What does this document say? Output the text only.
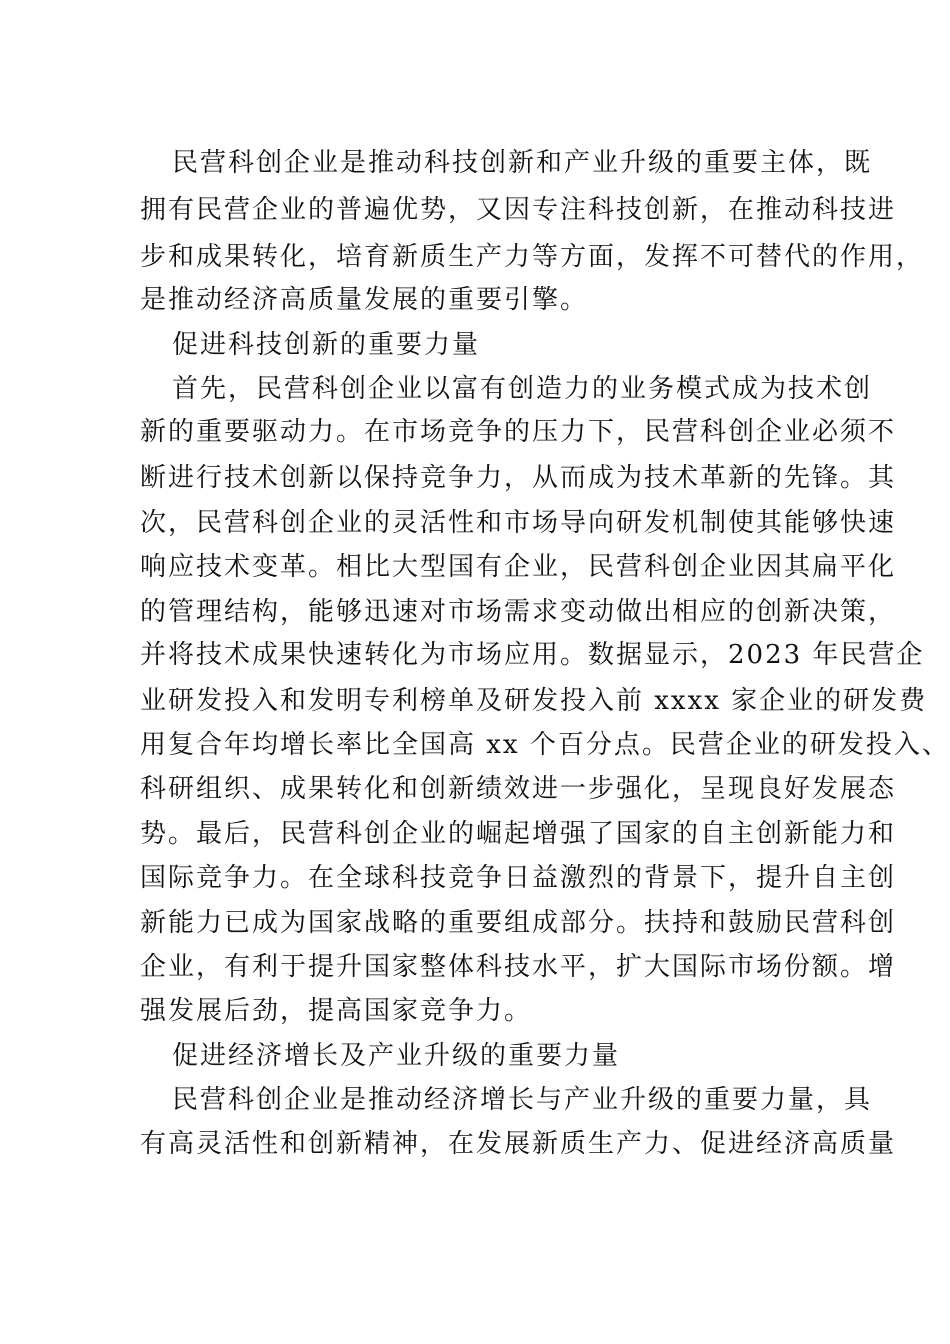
民营科创企业是推动科技创新和产业升级的重要主体，既
拥有民营企业的普遍优势，又因专注科技创新，在推动科技进
步和成果转化，培育新质生产力等方面，发挥不可替代的作用，
是推动经济高质量发展的重要引擎。
促进科技创新的重要力量
首先，民营科创企业以富有创造力的业务模式成为技术创
新的重要驱动力。在市场竞争的压力下，民营科创企业必须不
断进行技术创新以保持竞争力，从而成为技术革新的先锋。其
次，民营科创企业的灵活性和市场导向研发机制使其能够快速
响应技术变革。相比大型国有企业，民营科创企业因其扁平化
的管理结构，能够迅速对市场需求变动做出相应的创新决策，
并将技术成果快速转化为市场应用。数据显示，2023 年民营企
业研发投入和发明专利榜单及研发投入前 xxxx 家企业的研发费
用复合年均增长率比全国高 xx 个百分点。民营企业的研发投入、
科研组织、成果转化和创新绩效进一步强化，呈现良好发展态
势。最后，民营科创企业的崛起增强了国家的自主创新能力和
国际竞争力。在全球科技竞争日益激烈的背景下，提升自主创
新能力已成为国家战略的重要组成部分。扶持和鼓励民营科创
企业，有利于提升国家整体科技水平，扩大国际市场份额。增
强发展后劲，提高国家竞争力。
促进经济增长及产业升级的重要力量
民营科创企业是推动经济增长与产业升级的重要力量，具
有高灵活性和创新精神，在发展新质生产力、促进经济高质量
